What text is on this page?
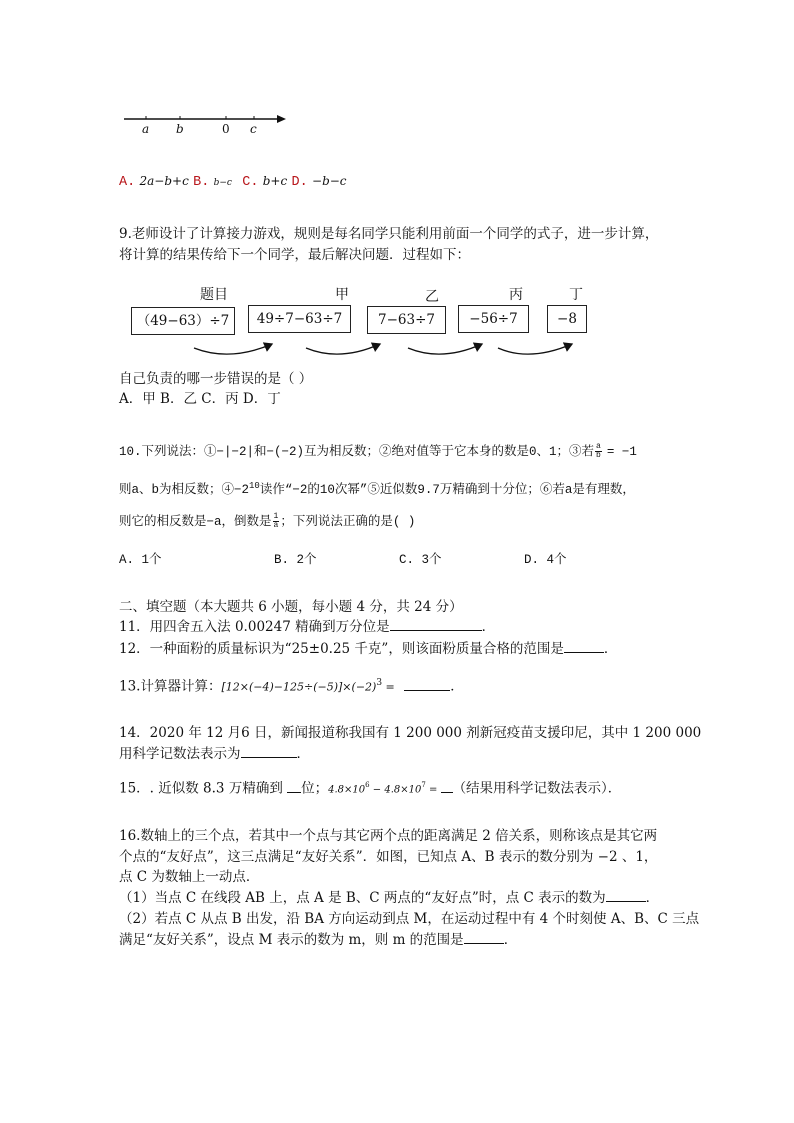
a b	0 c
A. 2a−b+c B. b−c C. b+c D. −b−c
9.老师设计了计算接力游戏，规则是每名同学只能利用前面一个同学的式子，进一步计算，
将计算的结果传给下一个同学，最后解决问题．过程如下：
题目	甲	乙	丙	丁
（49−63）÷7	49÷7−63÷7	7−63÷7	−56÷7	−8
自己负责的哪一步错误的是（ ）
A．甲 B．乙 C．丙 D．丁
10.下列说法：①−|−2|和−(−2)互为相反数；②绝对值等于它本身的数是0、1；③若 $\frac{a}{b} = -1$
则a、b为相反数；$④-2^{10}$读作“−2的10次幂”⑤近似数9.7万精确到十分位；⑥若a是有理数，
则它的相反数是−a，倒数是 $\frac{1}{a}$ ；下列说法正确的是( )
A. 1个	B. 2个	C. 3个	D. 4个
二、填空题（本大题共 6 小题，每小题 4 分，共 24 分）
11．用四舍五入法 0.00247 精确到万分位是	．
12．一种面粉的质量标识为“25±0.25 千克”，则该面粉质量合格的范围是	．
13.计算器计算：$[12\times(-4)-125\div(-5)]\times(-2)^3$ =	．
14．2020 年 12 月6 日，新闻报道称我国有 1 200 000 剂新冠疫苗支援印尼，其中 1 200 000
用科学记数法表示为	．
15．. 近似数 8.3 万精确到 位；$4.8\times 10^6 - 4.8\times 10^7$ = （结果用科学记数法表示）．
16.数轴上的三个点，若其中一个点与其它两个点的距离满足 2 倍关系，则称该点是其它两
个点的“友好点”，这三点满足“友好关系”．如图，已知点 A、B 表示的数分别为 −2 、1，
点 C 为数轴上一动点．
（1）当点 C 在线段 AB 上，点 A 是 B、C 两点的“友好点”时，点 C 表示的数为	．
（2）若点 C 从点 B 出发，沿 BA 方向运动到点 M，在运动过程中有 4 个时刻使 A、B、C 三点
满足“友好关系”，设点 M 表示的数为 m，则 m 的范围是	．
